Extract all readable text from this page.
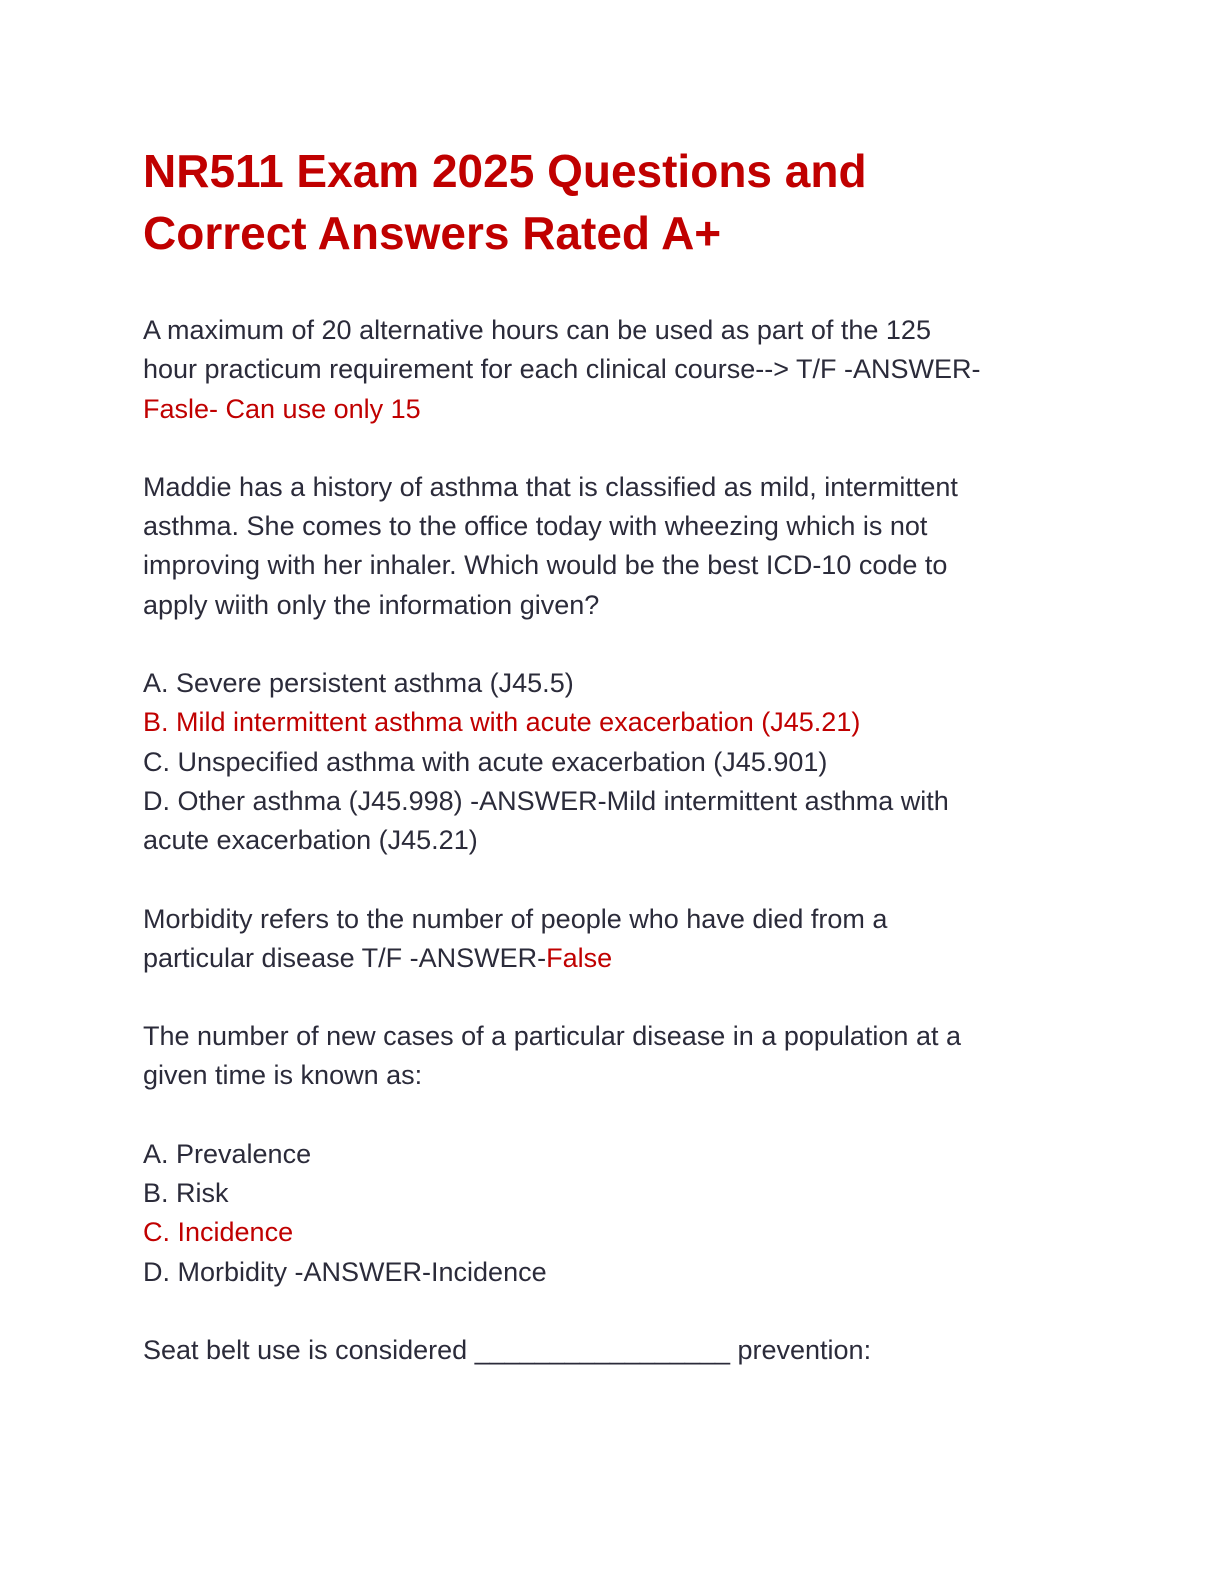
NR511 Exam 2025 Questions and
Correct Answers Rated A+

A maximum of 20 alternative hours can be used as part of the 125
hour practicum requirement for each clinical course--> T/F -ANSWER-
Fasle- Can use only 15

Maddie has a history of asthma that is classified as mild, intermittent
asthma. She comes to the office today with wheezing which is not
improving with her inhaler. Which would be the best ICD-10 code to
apply wiith only the information given?

A. Severe persistent asthma (J45.5)
B. Mild intermittent asthma with acute exacerbation (J45.21)
C. Unspecified asthma with acute exacerbation (J45.901)
D. Other asthma (J45.998) -ANSWER-Mild intermittent asthma with
acute exacerbation (J45.21)

Morbidity refers to the number of people who have died from a
particular disease T/F -ANSWER-False

The number of new cases of a particular disease in a population at a
given time is known as:

A. Prevalence
B. Risk
C. Incidence
D. Morbidity -ANSWER-Incidence

Seat belt use is considered _________________ prevention:
